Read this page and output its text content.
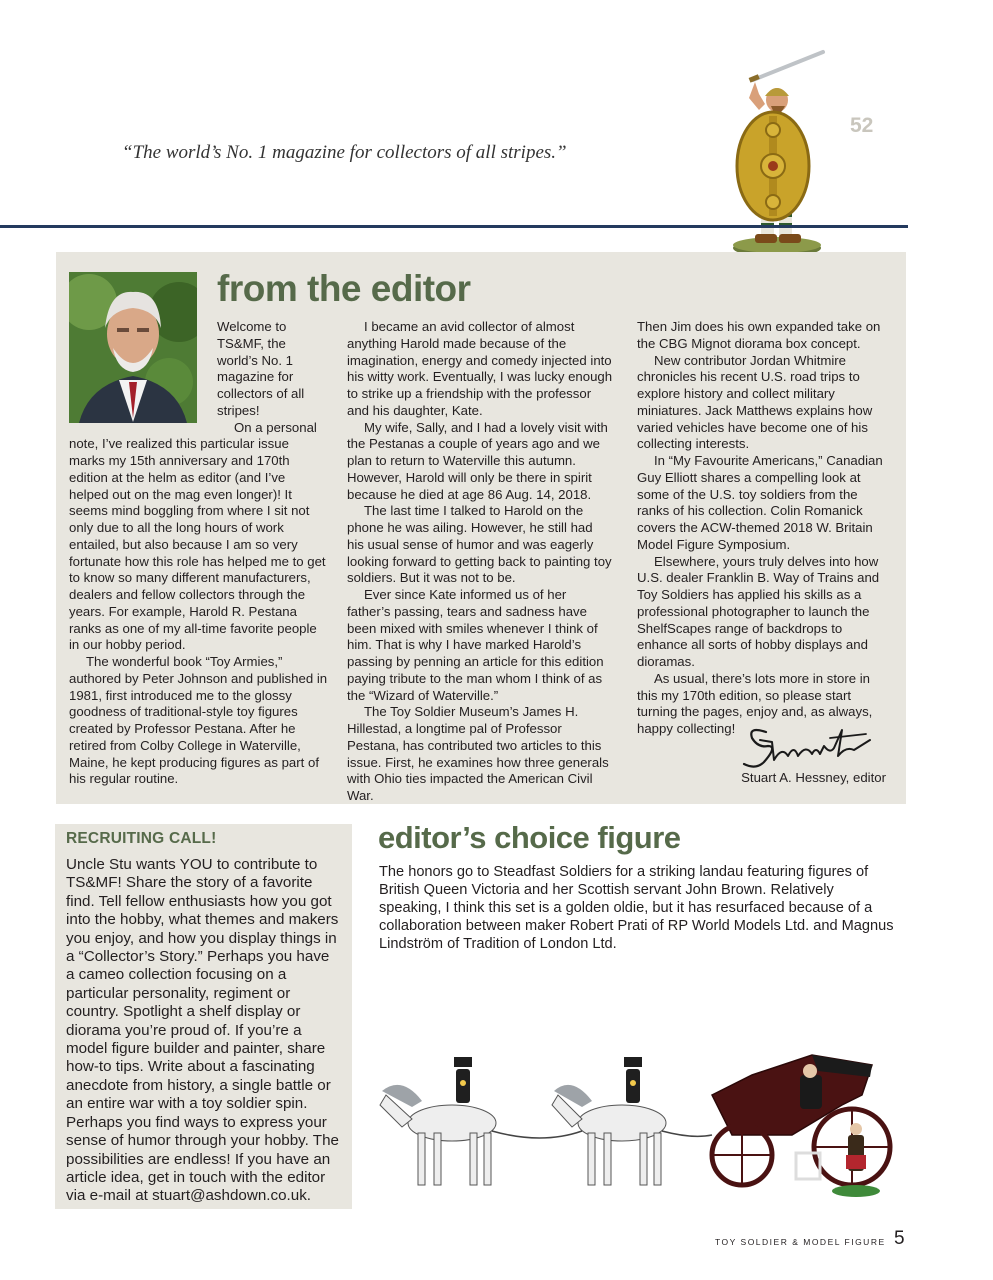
“The world’s No. 1 magazine for collectors of all stripes.”
52
from the editor

Welcome to TS&MF, the world’s No. 1 magazine for collectors of all stripes!

On a personal note, I’ve realized this particular issue marks my 15th anniversary and 170th edition at the helm as editor (and I’ve helped out on the mag even longer)! It seems mind boggling from where I sit not only due to all the long hours of work entailed, but also because I am so very fortunate how this role has helped me to get to know so many different manufacturers, dealers and fellow collectors through the years. For example, Harold R. Pestana ranks as one of my all-time favorite people in our hobby period.

The wonderful book “Toy Armies,” authored by Peter Johnson and published in 1981, first introduced me to the glossy goodness of traditional-style toy figures created by Professor Pestana. After he retired from Colby College in Waterville, Maine, he kept producing figures as part of his regular routine.

I became an avid collector of almost anything Harold made because of the imagination, energy and comedy injected into his witty work. Eventually, I was lucky enough to strike up a friendship with the professor and his daughter, Kate.

My wife, Sally, and I had a lovely visit with the Pestanas a couple of years ago and we plan to return to Waterville this autumn. However, Harold will only be there in spirit because he died at age 86 Aug. 14, 2018.

The last time I talked to Harold on the phone he was ailing. However, he still had his usual sense of humor and was eagerly looking forward to getting back to painting toy soldiers. But it was not to be.

Ever since Kate informed us of her father’s passing, tears and sadness have been mixed with smiles whenever I think of him. That is why I have marked Harold’s passing by penning an article for this edition paying tribute to the man whom I think of as the “Wizard of Waterville.”

The Toy Soldier Museum’s James H. Hillestad, a longtime pal of Professor Pestana, has contributed two articles to this issue. First, he examines how three generals with Ohio ties impacted the American Civil War.

Then Jim does his own expanded take on the CBG Mignot diorama box concept.

New contributor Jordan Whitmire chronicles his recent U.S. road trips to explore history and collect military miniatures. Jack Matthews explains how varied vehicles have become one of his collecting interests.

In “My Favourite Americans,” Canadian Guy Elliott shares a compelling look at some of the U.S. toy soldiers from the ranks of his collection. Colin Romanick covers the ACW-themed 2018 W. Britain Model Figure Symposium.

Elsewhere, yours truly delves into how U.S. dealer Franklin B. Way of Trains and Toy Soldiers has applied his skills as a professional photographer to launch the ShelfScapes range of backdrops to enhance all sorts of hobby displays and dioramas.

As usual, there’s lots more in store in this my 170th edition, so please start turning the pages, enjoy and, as always, happy collecting!

Stuart A. Hessney, editor
RECRUITING CALL!
Uncle Stu wants YOU to contribute to TS&MF! Share the story of a favorite find. Tell fellow enthusiasts how you got into the hobby, what themes and makers you enjoy, and how you display things in a “Collector’s Story.” Perhaps you have a cameo collection focusing on a particular personality, regiment or country. Spotlight a shelf display or diorama you’re proud of. If you’re a model figure builder and painter, share how-to tips. Write about a fascinating anecdote from history, a single battle or an entire war with a toy soldier spin. Perhaps you find ways to express your sense of humor through your hobby. The possibilities are endless! If you have an article idea, get in touch with the editor via e-mail at stuart@ashdown.co.uk.
editor’s choice figure
The honors go to Steadfast Soldiers for a striking landau featuring figures of British Queen Victoria and her Scottish servant John Brown. Relatively speaking, I think this set is a golden oldie, but it has resurfaced because of a collaboration between maker Robert Prati of RP World Models Ltd. and Magnus Lindström of Tradition of London Ltd.
TOY SOLDIER & MODEL FIGURE 5
